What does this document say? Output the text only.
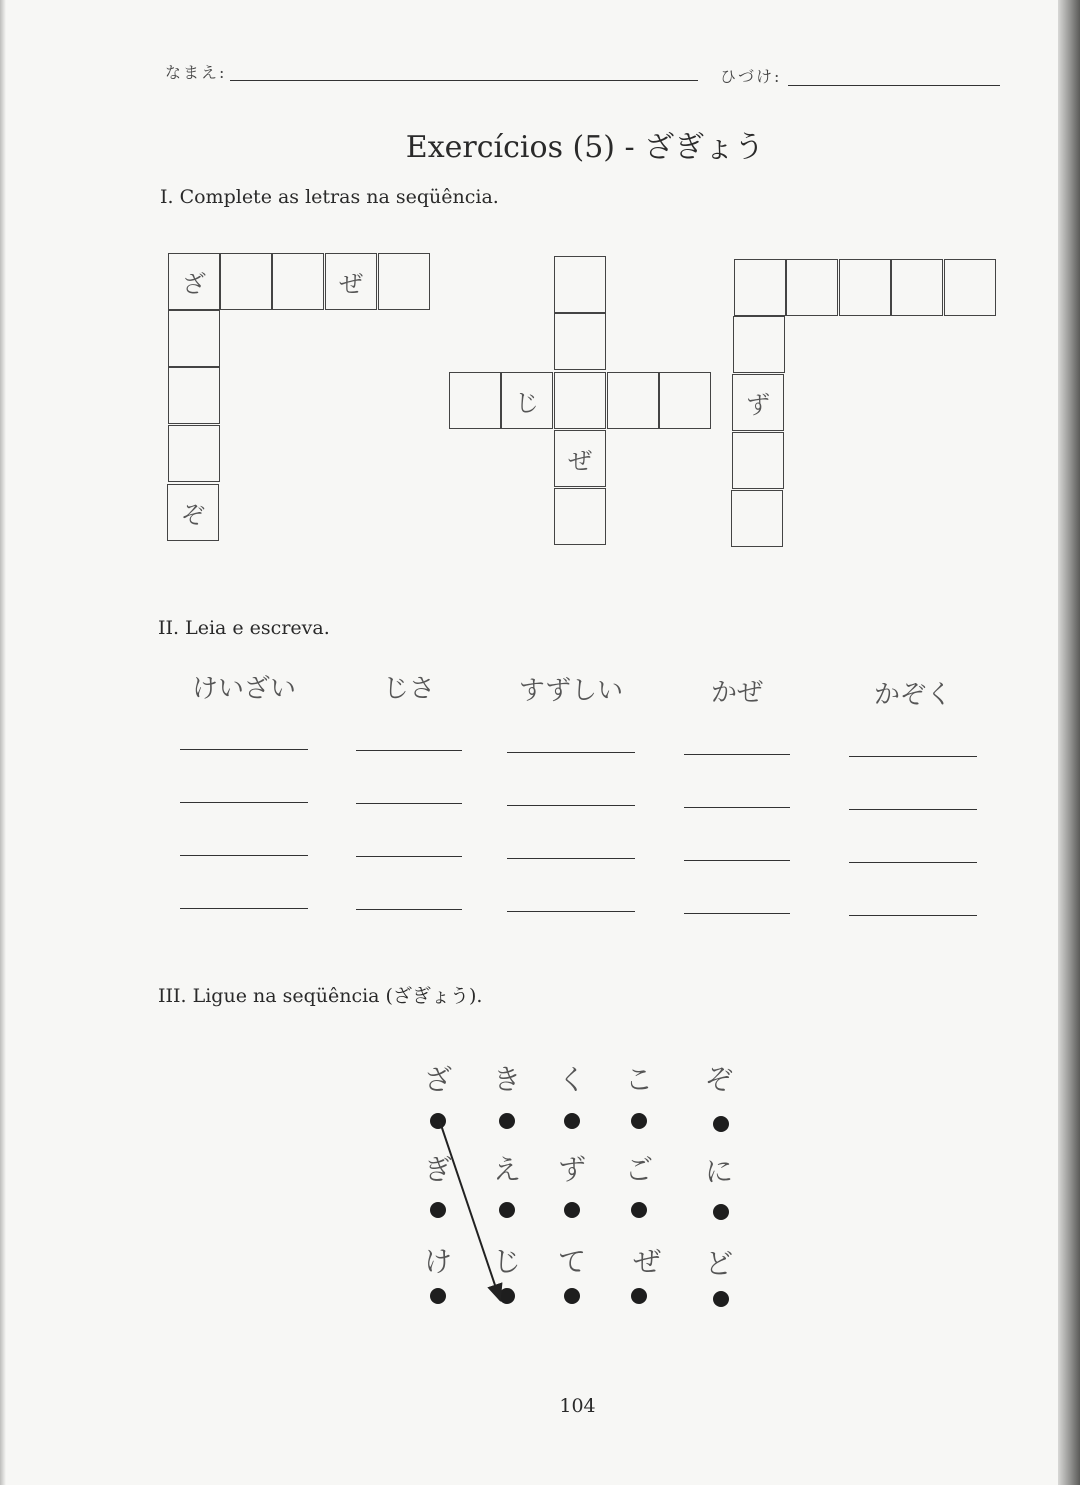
なまえ:	ひづけ:
Exercícios (5) - ざぎょう
I. Complete as letras na seqüência.
ざ	ぜ
ぞ
じ
ぜ
ず
II. Leia e escreva.
けいざい	じさ	すずしい	かぜ	かぞく
III. Ligue na seqüência (ざぎょう).
ざ き く こ ぞ
ぎ え ず ご に
け じ て ぜ ど
104
